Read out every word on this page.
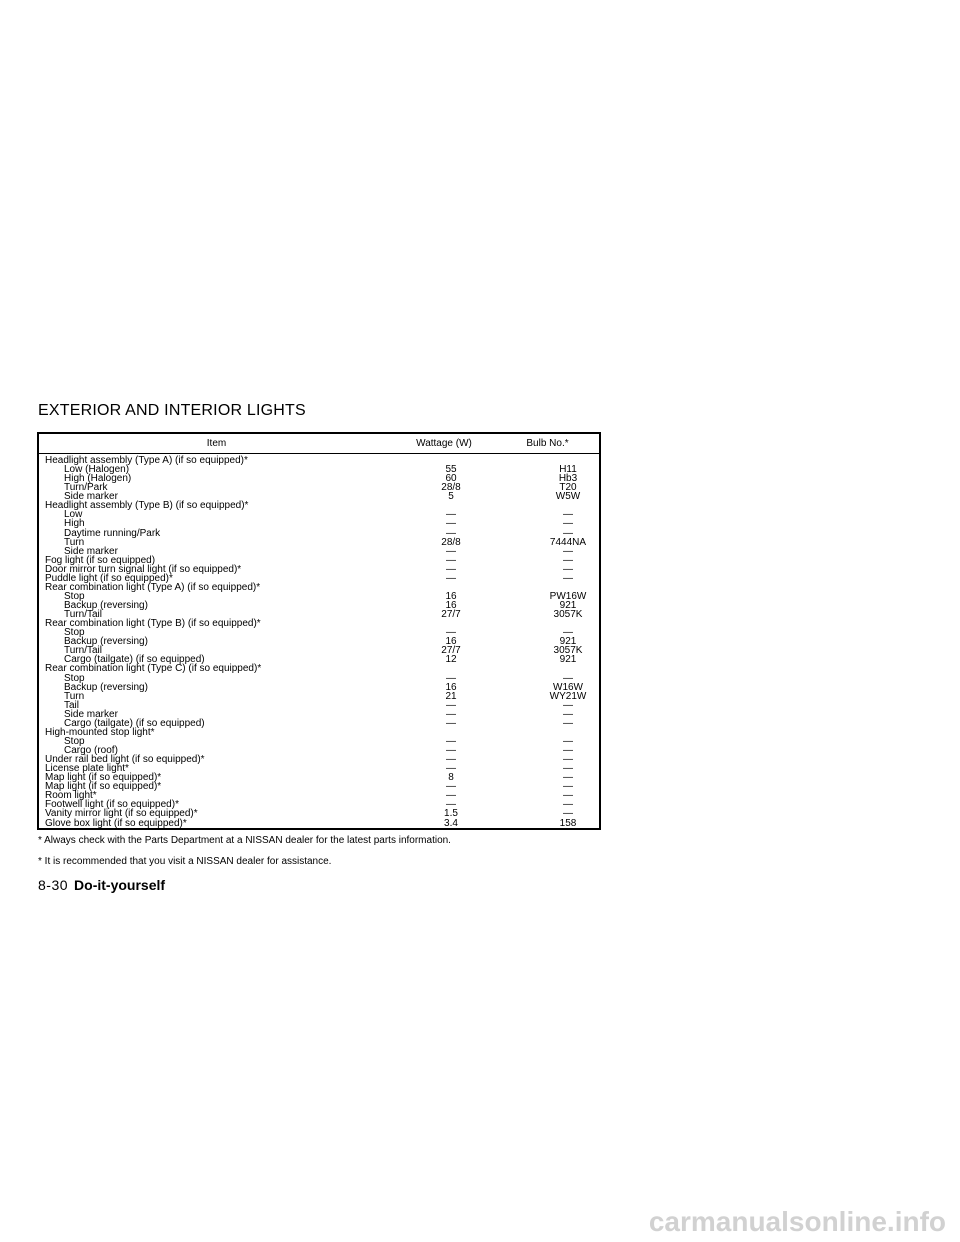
EXTERIOR AND INTERIOR LIGHTS
Item	Wattage (W)	Bulb No.*
Headlight assembly (Type A) (if so equipped)*
Low (Halogen)	55	H11
High (Halogen)	60	Hb3
Turn/Park	28/8	T20
Side marker	5	W5W
Headlight assembly (Type B) (if so equipped)*
Low	—	—
High	—	—
Daytime running/Park	—	—
Turn	28/8	7444NA
Side marker	—	—
Fog light (if so equipped)	—	—
Door mirror turn signal light (if so equipped)*	—	—
Puddle light (if so equipped)*	—	—
Rear combination light (Type A) (if so equipped)*
Stop	16	PW16W
Backup (reversing)	16	921
Turn/Tail	27/7	3057K
Rear combination light (Type B) (if so equipped)*
Stop	—	—
Backup (reversing)	16	921
Turn/Tail	27/7	3057K
Cargo (tailgate) (if so equipped)	12	921
Rear combination light (Type C) (if so equipped)*
Stop	—	—
Backup (reversing)	16	W16W
Turn	21	WY21W
Tail	—	—
Side marker	—	—
Cargo (tailgate) (if so equipped)	—	—
High-mounted stop light*
Stop	—	—
Cargo (roof)	—	—
Under rail bed light (if so equipped)*	—	—
License plate light*	—	—
Map light (if so equipped)*	8	—
Map light (if so equipped)*	—	—
Room light*	—	—
Footwell light (if so equipped)*	—	—
Vanity mirror light (if so equipped)*	1.5	—
Glove box light (if so equipped)*	3.4	158
* Always check with the Parts Department at a NISSAN dealer for the latest parts information.
* It is recommended that you visit a NISSAN dealer for assistance.
8-30 Do-it-yourself
carmanualsonline.info
